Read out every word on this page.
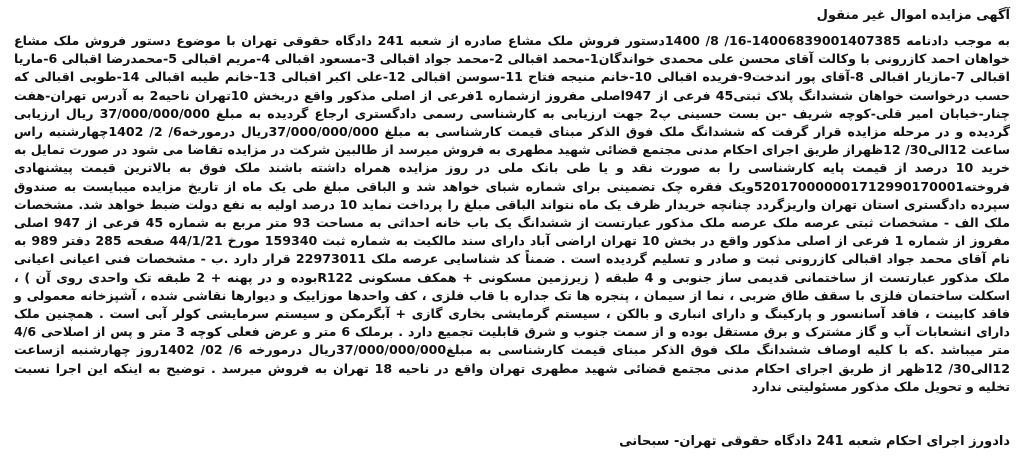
آگهی مزایده اموال غیر منقول

به موجب دادنامه 14006839001407385-16/ 8/ 1400دستور فروش ملک مشاع صادره از شعبه 241 دادگاه حقوقی تهران با موضوع دستور فروش ملک مشاع خواهان احمد کازرونی با وکالت آقای محسن علی محمدی خواندگان1-محمد اقبالی 2-محمد جواد اقبالی 3-مسعود اقبالی 4-مریم اقبالی 5-محمدرضا اقبالی 6-ماریا اقبالی 7-مازیار اقبالی 8-آقای پور اندخت9-فریده اقبالی 10-خانم منیجه فتاح 11-سوسن اقبالی 12-علی اکبر اقبالی 13-خانم طیبه اقبالی 14-طوبی اقبالی که حسب درخواست خواهان ششدانگ پلاک ثبتی45 فرعی از 947اصلی مفروز ازشماره 1فرعی از اصلی مذکور واقع دربخش 10تهران ناحیه2 به آدرس تهران-هفت چنار-خیابان امیر قلی-کوچه شریف -بن بست حسینی پ2 جهت ارزیابی به کارشناسی رسمی دادگستری ارجاع گردیده به مبلغ 37/000/000/000 ریال ارزیابی گردیده و در مرحله مزایده قرار گرفت که ششدانگ ملک فوق الذکر مبنای قیمت کارشناسی به مبلغ 37/000/000/000ریال درمورخه6/ 2/ 1402چهارشنبه راس ساعت 12الی30/ 12ظهراز طریق اجرای احکام مدنی مجتمع قضائی شهید مطهری به فروش میرسد از طالبین شرکت در مزایده تقاضا می شود در صورت تمایل به خرید 10 درصد از قیمت پایه کارشناسی را به صورت نقد و یا طی بانک ملی در روز مزایده همراه داشته باشند ملک فوق به بالاترین قیمت پیشنهادی فروخته520170000001712990170001ویک فقره چک تضمینی برای شماره شبای خواهد شد و الباقی مبلغ طی یک ماه از تاریخ مزایده میبایست به صندوق سپرده دادگستری استان تهران واریزگردد چنانچه خریدار ظرف یک ماه نتواند الباقی مبلغ را پرداخت نماید 10 درصد اولیه به نفع دولت ضبط خواهد شد. مشخصات ملک الف - مشخصات ثبتی عرصه ملک عرصه ملک مذکور عبارتست از ششدانگ یک باب خانه احداثی به مساحت 93 متر مربع به شماره 45 فرعی از 947 اصلی مفروز از شماره 1 فرعی از اصلی مذکور واقع در بخش 10 تهران اراضی آباد دارای سند مالکیت به شماره ثبت 159340 مورخ 44/1/21 صفحه 285 دفتر 989 به نام آقای محمد جواد اقبالی کازرونی ثبت و صادر و تسلیم گردیده است . ضمناً کد شناسایی عرصه ملک 22973011 قرار دارد .ب - مشخصات فنی اعیانی اعیانی ملک مذکور عبارتست از ساختمانی قدیمی ساز جنوبی و 4 طبقه ( زیرزمین مسکونی + همکف مسکونی R122بوده و در پهنه + 2 طبقه تک واحدی روی آن ) ، اسکلت ساختمان فلزی با سقف طاق ضربی ، نما از سیمان ، پنجره ها تک جداره با قاب فلزی ، کف واحدها موزاییک و دیوارها نقاشی شده ، آشپزخانه معمولی و فاقد کابینت ، فاقد آسانسور و پارکینگ و دارای انباری و بالکن ، سیستم گرمایشی بخاری گازی + آبگرمکن و سیستم سرمایشی کولر آبی است . همچنین ملک دارای انشعابات آب و گاز مشترک و برق مستقل بوده و از سمت جنوب و شرق قابلیت تجمیع دارد . برملک 6 متر و عرض فعلی کوچه 3 متر و پس از اصلاحی 4/6 متر میباشد .که با کلیه اوصاف ششدانگ ملک فوق الذکر مبنای قیمت کارشناسی به مبلغ37/000/000/000ریال درمورخه 6/ 02/ 1402روز چهارشنبه ازساعت 12الی30/ 12ظهر از طریق اجرای احکام مدنی مجتمع قضائی شهید مطهری تهران واقع در ناحیه 18 تهران به فروش میرسد . توضیح به اینکه این اجرا نسبت تخلیه و تحویل ملک مذکور مسئولیتی ندارد

دادورز اجرای احکام شعبه 241 دادگاه حقوقی تهران- سبحانی
